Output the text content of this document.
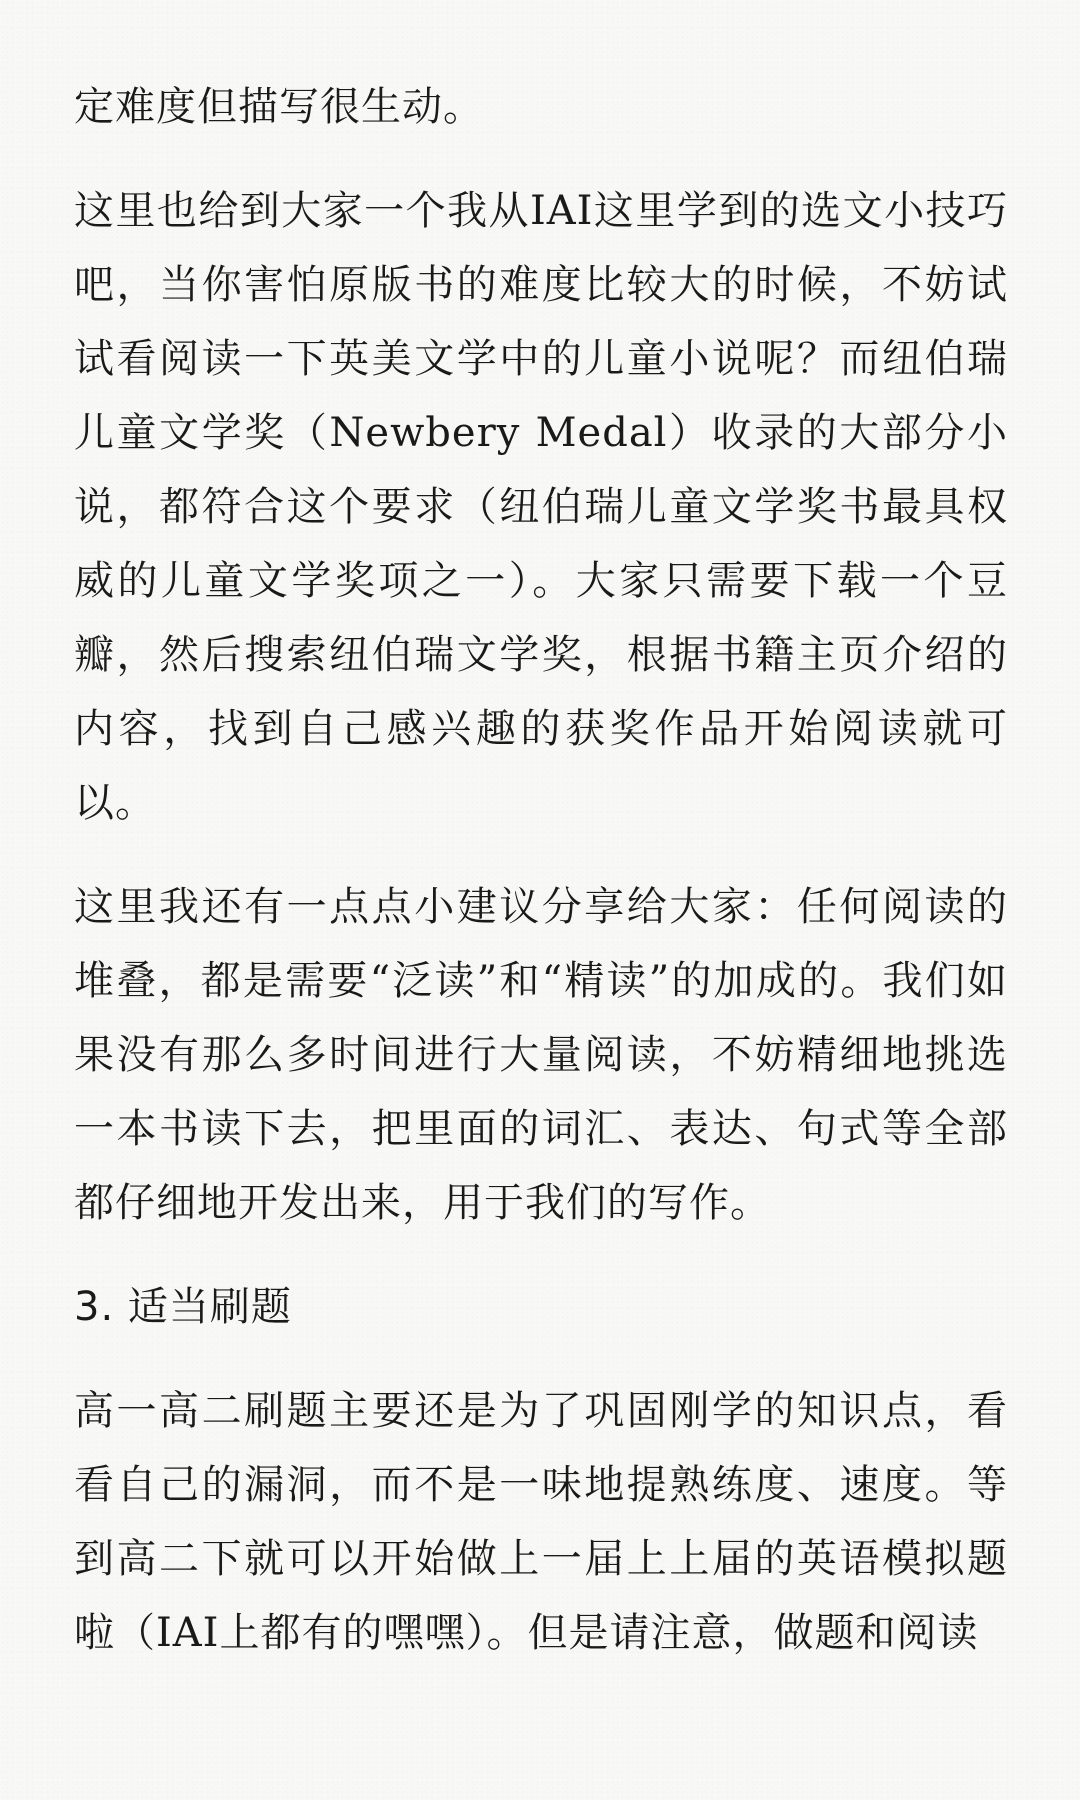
定难度但描写很生动。

这里也给到大家一个我从IAI这里学到的选文小技巧吧，当你害怕原版书的难度比较大的时候，不妨试试看阅读一下英美文学中的儿童小说呢？而纽伯瑞儿童文学奖（Newbery Medal）收录的大部分小说，都符合这个要求（纽伯瑞儿童文学奖书最具权威的儿童文学奖项之一）。大家只需要下载一个豆瓣，然后搜索纽伯瑞文学奖，根据书籍主页介绍的内容，找到自己感兴趣的获奖作品开始阅读就可以。

这里我还有一点点小建议分享给大家：任何阅读的堆叠，都是需要“泛读”和“精读”的加成的。我们如果没有那么多时间进行大量阅读，不妨精细地挑选一本书读下去，把里面的词汇、表达、句式等全部都仔细地开发出来，用于我们的写作。

3. 适当刷题

高一高二刷题主要还是为了巩固刚学的知识点，看看自己的漏洞，而不是一味地提熟练度、速度。等到高二下就可以开始做上一届上上届的英语模拟题啦（IAI上都有的嘿嘿）。但是请注意，做题和阅读
